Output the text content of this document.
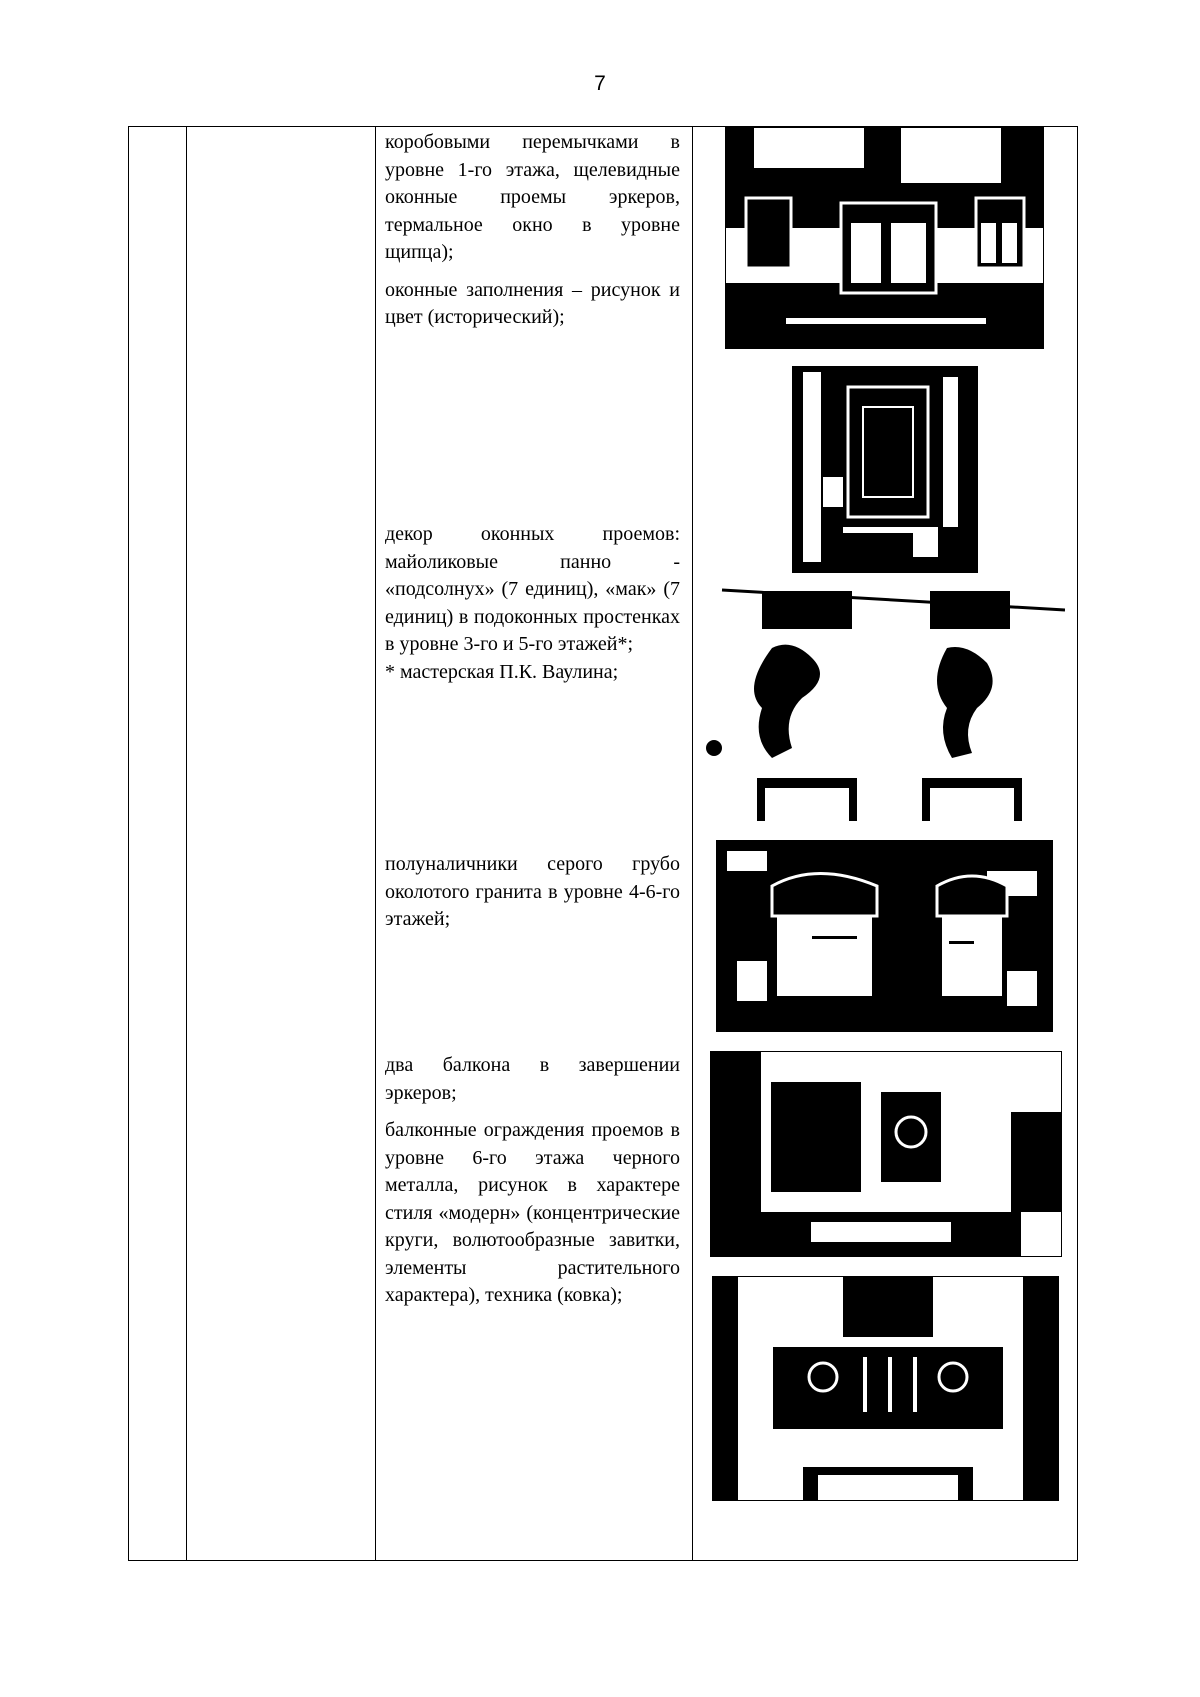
7

коробовыми перемычками в уровне 1-го этажа, щелевидные оконные проемы эркеров, термальное окно в уровне щипца);

оконные заполнения – рисунок и цвет (исторический);

декор оконных проемов: майоликовые панно - «подсолнух» (7 единиц), «мак» (7 единиц) в подоконных простенках в уровне 3-го и 5-го этажей*;

* мастерская П.К. Ваулина;

полуналичники серого грубо околотого гранита в уровне 4-6-го этажей;

два балкона в завершении эркеров;

балконные ограждения проемов в уровне 6-го этажа черного металла, рисунок в характере стиля «модерн» (концентрические круги, волютообразные завитки, элементы растительного характера), техника (ковка);
